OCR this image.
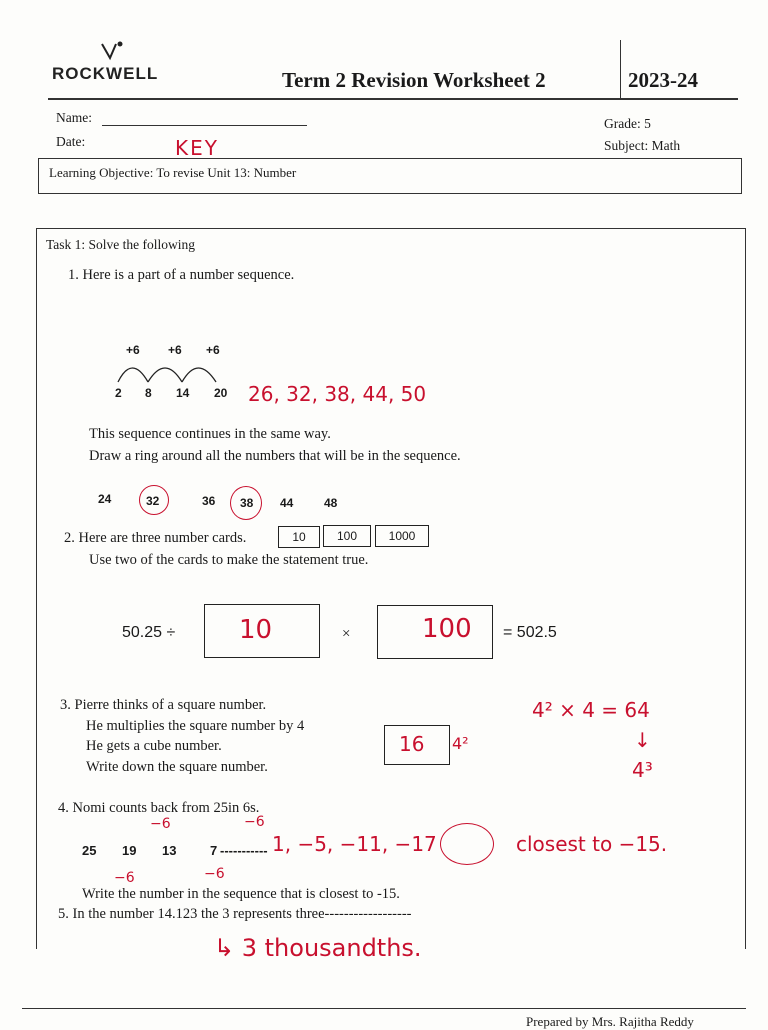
ROCKWELL	Term 2 Revision Worksheet 2	2023-24
Name:
Date:	KEY
Grade: 5
Subject: Math
Learning Objective: To revise Unit 13: Number
Task 1: Solve the following
1. Here is a part of a number sequence.
+6 +6 +6
2 8 14 20 26, 32, 38, 44, 50
This sequence continues in the same way.
Draw a ring around all the numbers that will be in the sequence.
24	32	36 38 44	48
2. Here are three number cards.	10	100	1000
Use two of the cards to make the statement true.
50.25 ÷ 10	×	100 = 502.5
3. Pierre thinks of a square number.
He multiplies the square number by 4
He gets a cube number.
Write down the square number.
16 4²
4² × 4 = 64
↓
4³
4. Nomi counts back from 25in 6s.
−6	−6
25 19 13	7 -----------
−6	−6
1, −5, −11, −17	closest to −15.
Write the number in the sequence that is closest to -15.
5. In the number 14.123 the 3 represents three------------------
↳ 3 thousandths.
Prepared by Mrs. Rajitha Reddy
